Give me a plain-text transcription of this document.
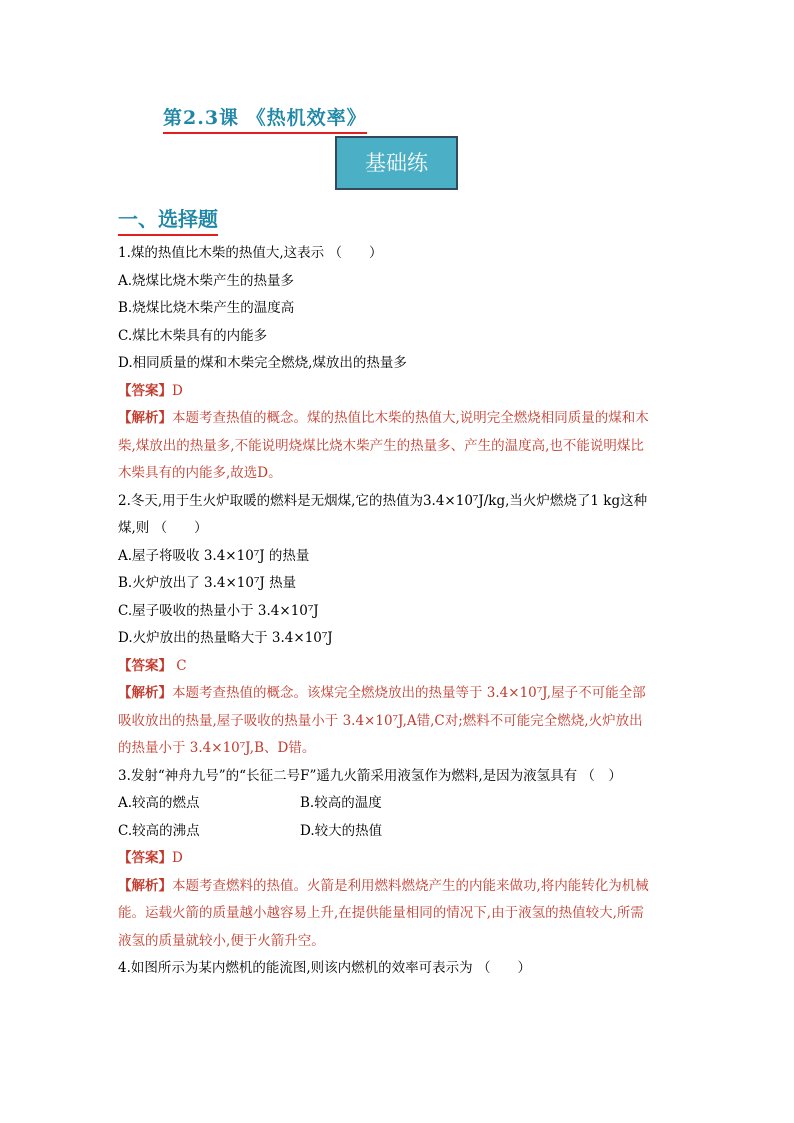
第2.3课 《热机效率》
基础练
一、选择题
1.煤的热值比木柴的热值大,这表示 （　　）
A.烧煤比烧木柴产生的热量多
B.烧煤比烧木柴产生的温度高
C.煤比木柴具有的内能多
D.相同质量的煤和木柴完全燃烧,煤放出的热量多
【答案】D
【解析】本题考查热值的概念。煤的热值比木柴的热值大,说明完全燃烧相同质量的煤和木
柴,煤放出的热量多,不能说明烧煤比烧木柴产生的热量多、产生的温度高,也不能说明煤比
木柴具有的内能多,故选D。
2.冬天,用于生火炉取暖的燃料是无烟煤,它的热值为3.4×10⁷J/kg,当火炉燃烧了1 kg这种
煤,则 （　　）
A.屋子将吸收 3.4×10⁷J 的热量
B.火炉放出了 3.4×10⁷J 热量
C.屋子吸收的热量小于 3.4×10⁷J
D.火炉放出的热量略大于 3.4×10⁷J
【答案】 C
【解析】本题考查热值的概念。该煤完全燃烧放出的热量等于 3.4×10⁷J,屋子不可能全部
吸收放出的热量,屋子吸收的热量小于 3.4×10⁷J,A错,C对;燃料不可能完全燃烧,火炉放出
的热量小于 3.4×10⁷J,B、D错。
3.发射“神舟九号”的“长征二号F”遥九火箭采用液氢作为燃料,是因为液氢具有 （　）
A.较高的燃点	B.较高的温度
C.较高的沸点	D.较大的热值
【答案】D
【解析】本题考查燃料的热值。火箭是利用燃料燃烧产生的内能来做功,将内能转化为机械
能。运载火箭的质量越小越容易上升,在提供能量相同的情况下,由于液氢的热值较大,所需
液氢的质量就较小,便于火箭升空。
4.如图所示为某内燃机的能流图,则该内燃机的效率可表示为 （　　）
